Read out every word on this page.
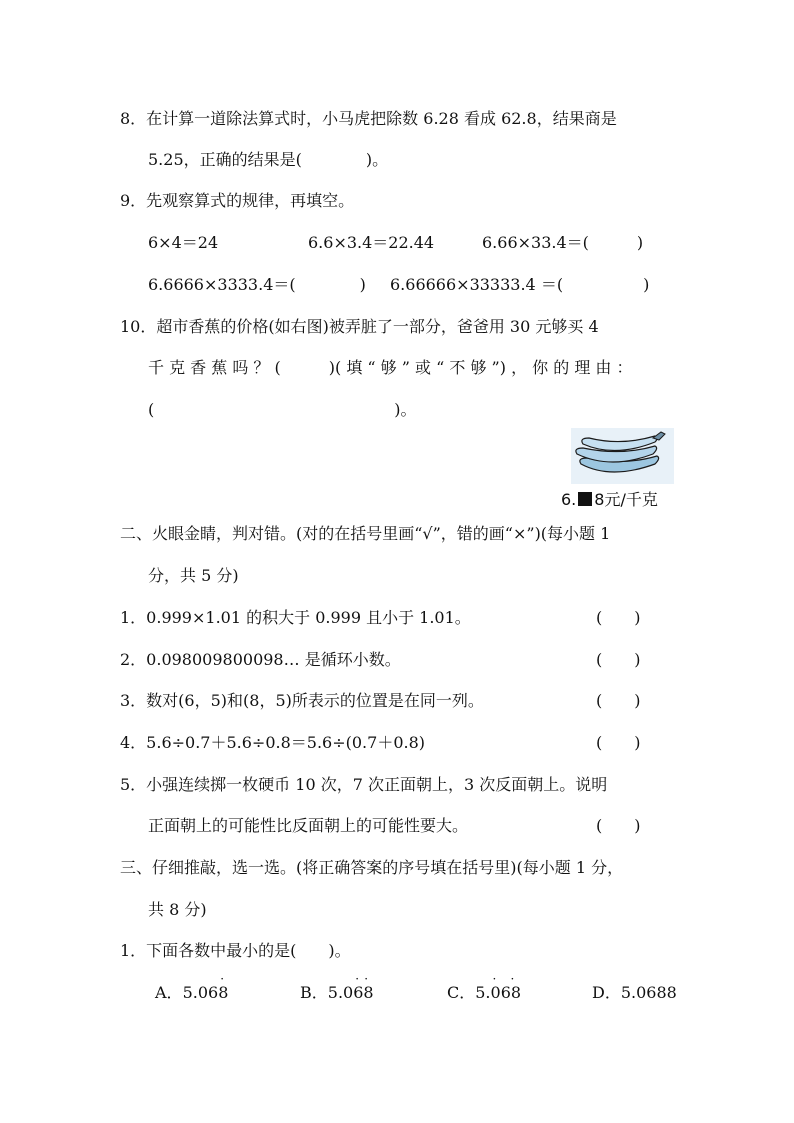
8．在计算一道除法算式时，小马虎把除数 6.28 看成 62.8，结果商是
5.25，正确的结果是(　　　　)。
9．先观察算式的规律，再填空。
6×4＝24	6.6×3.4＝22.44	6.66×33.4＝(　　　)
6.6666×3333.4＝(　　　　) 6.66666×33333.4 ＝(　　　　　)
10．超市香蕉的价格(如右图)被弄脏了一部分，爸爸用 30 元够买 4
千 克 香 蕉 吗 ？ (　　　)( 填 “ 够 ” 或 “ 不 够 ”) ， 你 的 理 由 ：
(　　　　　　　　　　　　　　　)。
6. 8元/千克
二、火眼金睛，判对错。(对的在括号里画“√”，错的画“×”)(每小题 1
分，共 5 分)
1．0.999×1.01 的积大于 0.999 且小于 1.01。	(　　)
2．0.098009800098… 是循环小数。	(　　)
3．数对(6，5)和(8，5)所表示的位置是在同一列。	(　　)
4．5.6÷0.7＋5.6÷0.8＝5.6÷(0.7＋0.8)	(　　)
5．小强连续掷一枚硬币 10 次，7 次正面朝上，3 次反面朝上。说明
正面朝上的可能性比反面朝上的可能性要大。	(　　)
三、仔细推敲，选一选。(将正确答案的序号填在括号里)(每小题 1 分，
共 8 分)
1．下面各数中最小的是(　　)。
A．5.06
·
8	B．5.0
· ·
68	C．5.
· ·
068	D．5.0688
